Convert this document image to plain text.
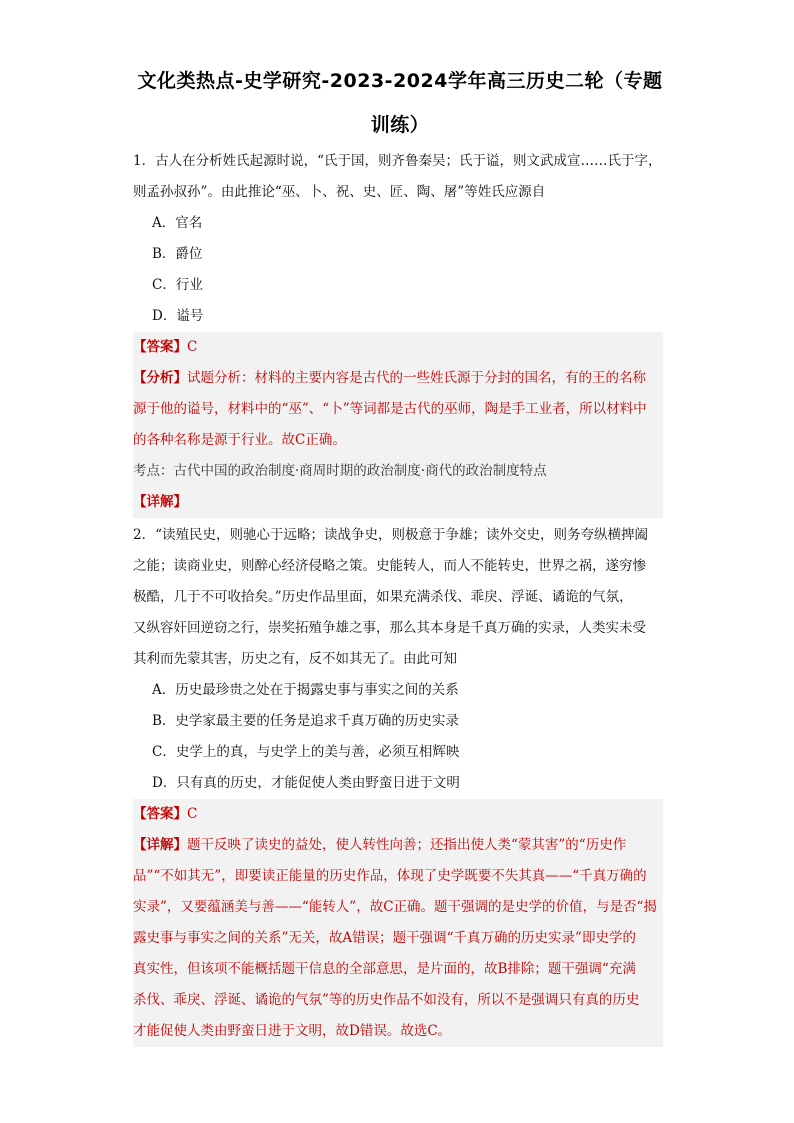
文化类热点-史学研究-2023-2024学年高三历史二轮（专题
训练）
1．古人在分析姓氏起源时说，“氏于国，则齐鲁秦吴；氏于谥，则文武成宣……氏于字，
则孟孙叔孙”。由此推论“巫、卜、祝、史、匠、陶、屠”等姓氏应源自
A．官名
B．爵位
C．行业
D．谥号
【答案】C
【分析】试题分析：材料的主要内容是古代的一些姓氏源于分封的国名，有的王的名称
源于他的谥号，材料中的“巫”、“卜”等词都是古代的巫师，陶是手工业者，所以材料中
的各种名称是源于行业。故C正确。
考点：古代中国的政治制度·商周时期的政治制度·商代的政治制度特点
【详解】
2．“读殖民史，则驰心于远略；读战争史，则极意于争雄；读外交史，则务夸纵横捭阖
之能；读商业史，则醉心经济侵略之策。史能转人，而人不能转史，世界之祸，遂穷惨
极酷，几于不可收拾矣。”历史作品里面，如果充满杀伐、乖戾、浮诞、谲诡的气氛，
又纵容奸回逆窃之行，崇奖拓殖争雄之事，那么其本身是千真万确的实录，人类实未受
其利而先蒙其害，历史之有，反不如其无了。由此可知
A．历史最珍贵之处在于揭露史事与事实之间的关系
B．史学家最主要的任务是追求千真万确的历史实录
C．史学上的真，与史学上的美与善，必须互相辉映
D．只有真的历史，才能促使人类由野蛮日进于文明
【答案】C
【详解】题干反映了读史的益处，使人转性向善；还指出使人类“蒙其害”的“历史作
品”“不如其无”，即要读正能量的历史作品，体现了史学既要不失其真——“千真万确的
实录”，又要蕴涵美与善——“能转人”，故C正确。题干强调的是史学的价值，与是否“揭
露史事与事实之间的关系”无关，故A错误；题干强调“千真万确的历史实录”即史学的
真实性，但该项不能概括题干信息的全部意思，是片面的，故B排除；题干强调“充满
杀伐、乖戾、浮诞、谲诡的气氛”等的历史作品不如没有，所以不是强调只有真的历史
才能促使人类由野蛮日进于文明，故D错误。故选C。
